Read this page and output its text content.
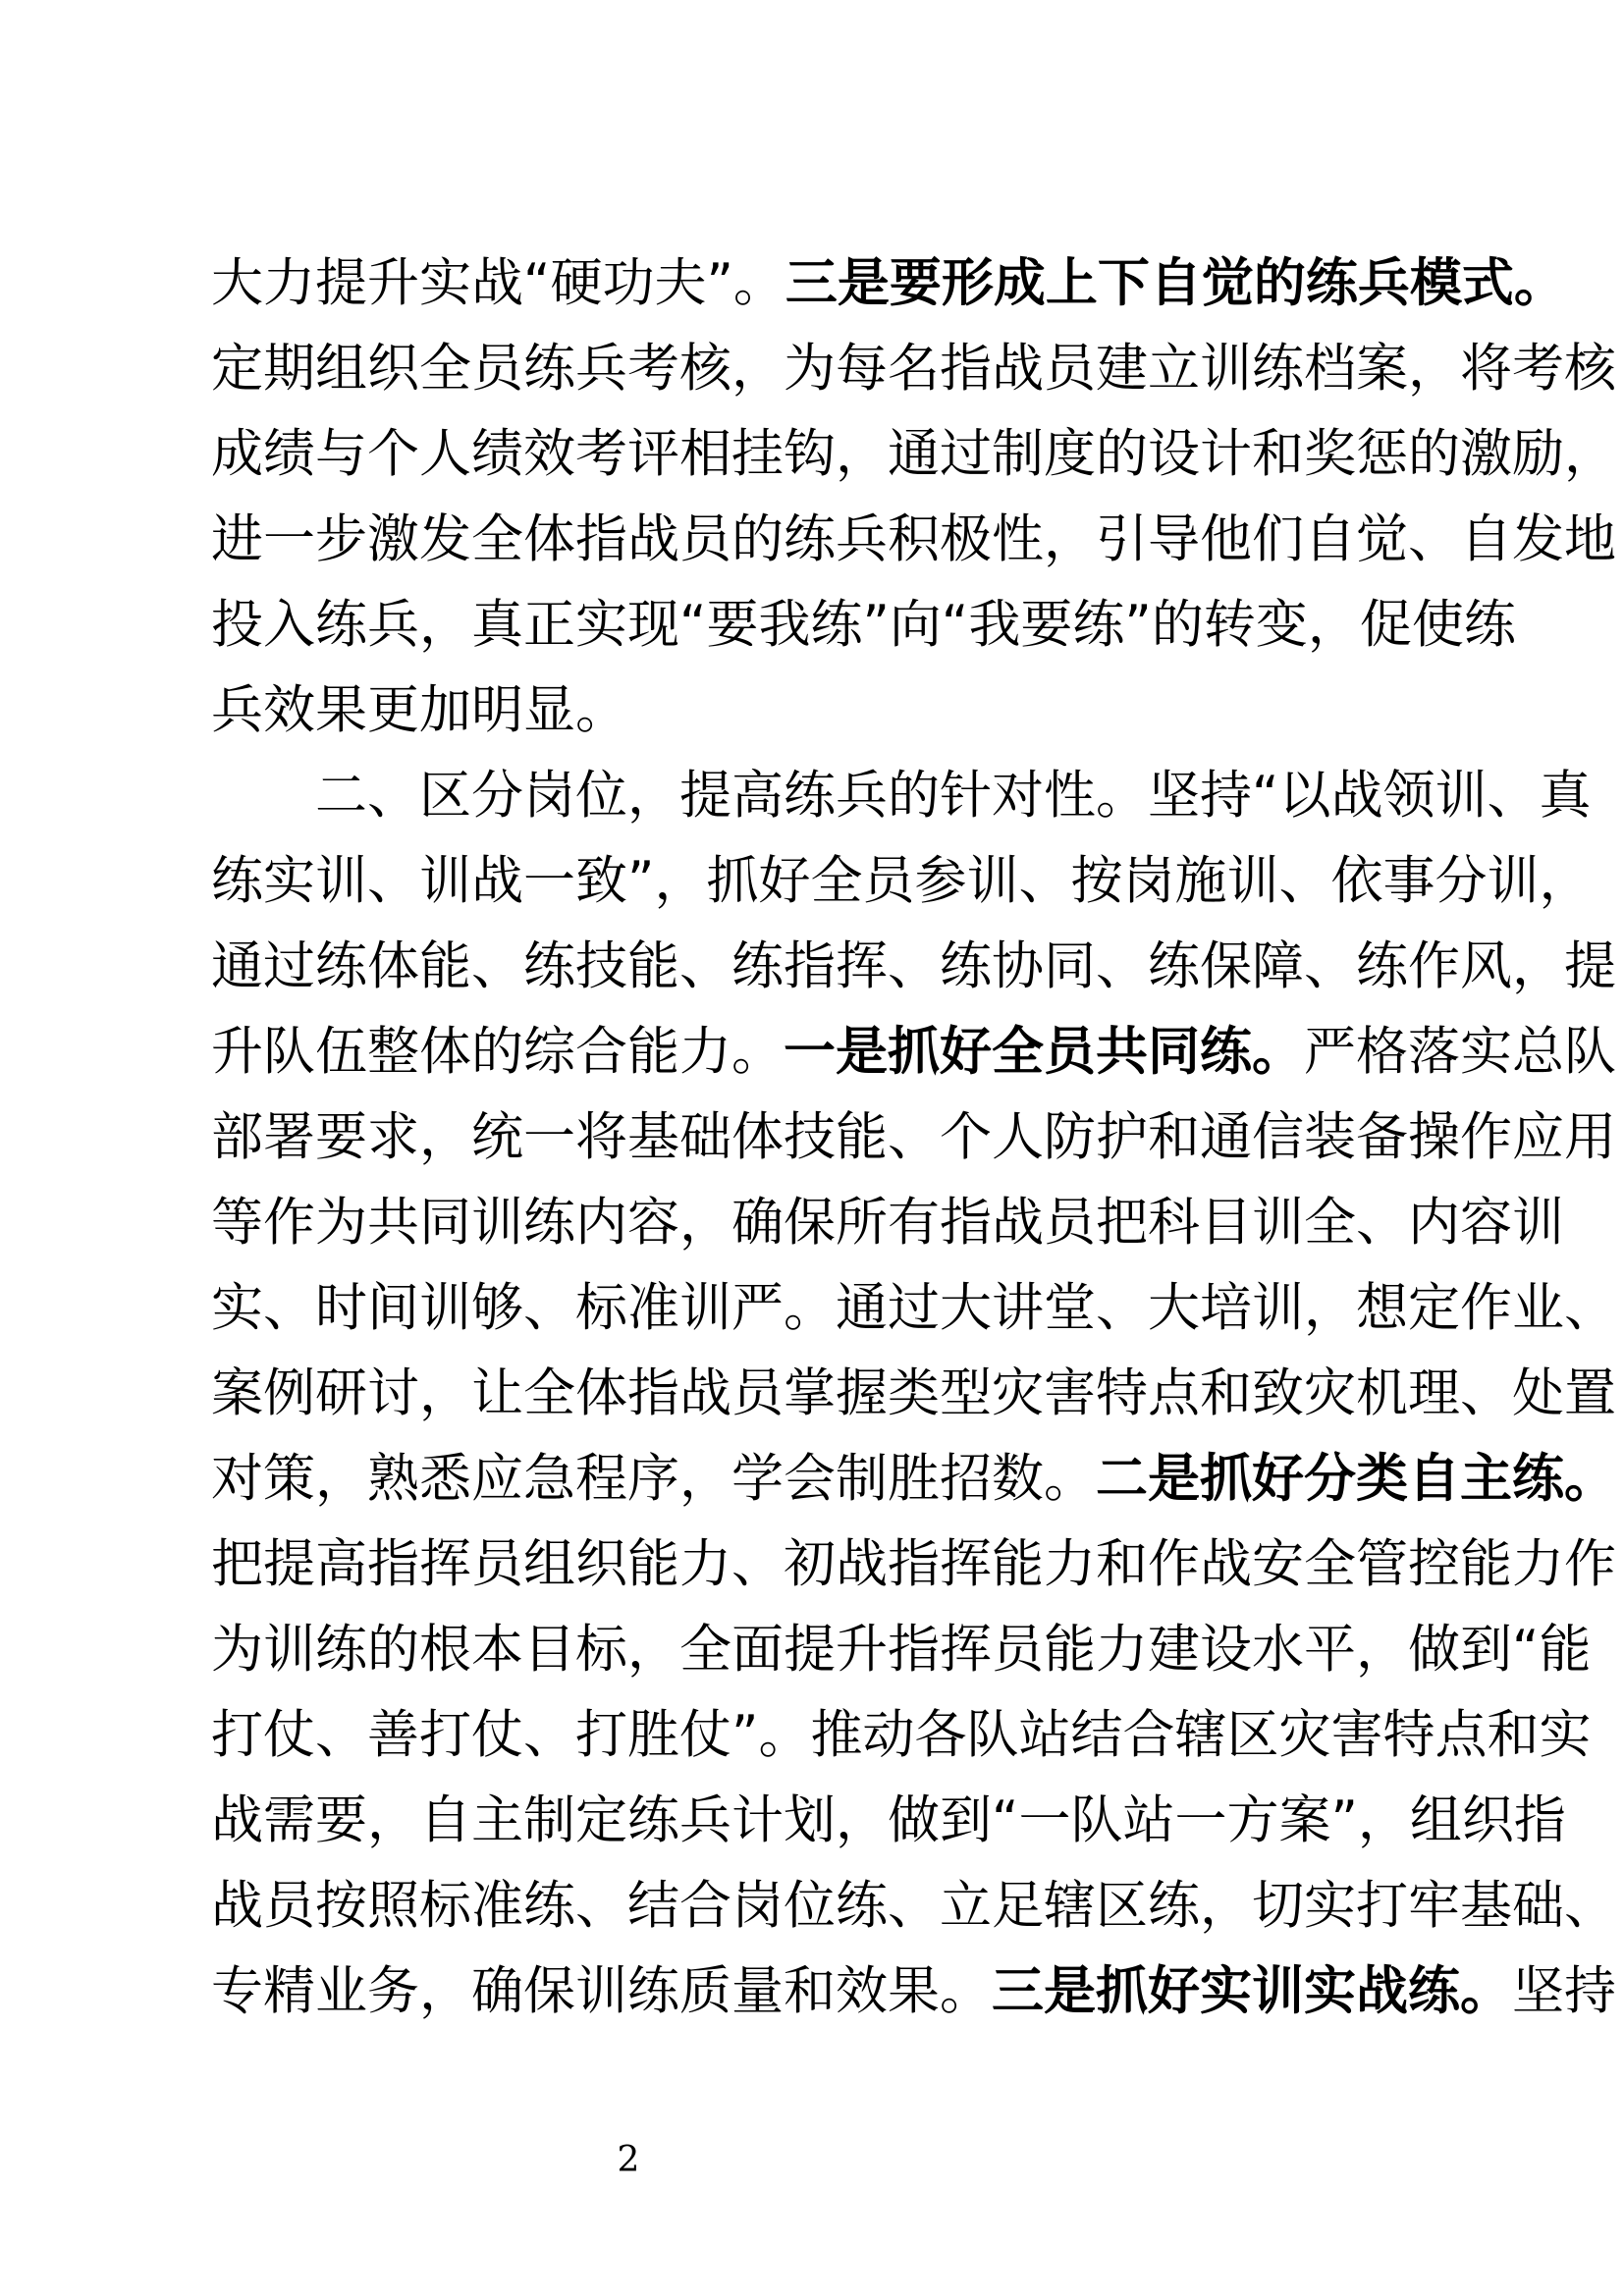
大力提升实战“硬功夫”。三是要形成上下自觉的练兵模式。
定期组织全员练兵考核，为每名指战员建立训练档案，将考核
成绩与个人绩效考评相挂钩，通过制度的设计和奖惩的激励，
进一步激发全体指战员的练兵积极性，引导他们自觉、自发地
投入练兵，真正实现“要我练”向“我要练”的转变，促使练
兵效果更加明显。
二、区分岗位，提高练兵的针对性。坚持“以战领训、真
练实训、训战一致”，抓好全员参训、按岗施训、依事分训，
通过练体能、练技能、练指挥、练协同、练保障、练作风，提
升队伍整体的综合能力。一是抓好全员共同练。严格落实总队
部署要求，统一将基础体技能、个人防护和通信装备操作应用
等作为共同训练内容，确保所有指战员把科目训全、内容训
实、时间训够、标准训严。通过大讲堂、大培训，想定作业、
案例研讨，让全体指战员掌握类型灾害特点和致灾机理、处置
对策，熟悉应急程序，学会制胜招数。二是抓好分类自主练。
把提高指挥员组织能力、初战指挥能力和作战安全管控能力作
为训练的根本目标，全面提升指挥员能力建设水平，做到“能
打仗、善打仗、打胜仗”。推动各队站结合辖区灾害特点和实
战需要，自主制定练兵计划，做到“一队站一方案”，组织指
战员按照标准练、结合岗位练、立足辖区练，切实打牢基础、
专精业务，确保训练质量和效果。三是抓好实训实战练。坚持
2
